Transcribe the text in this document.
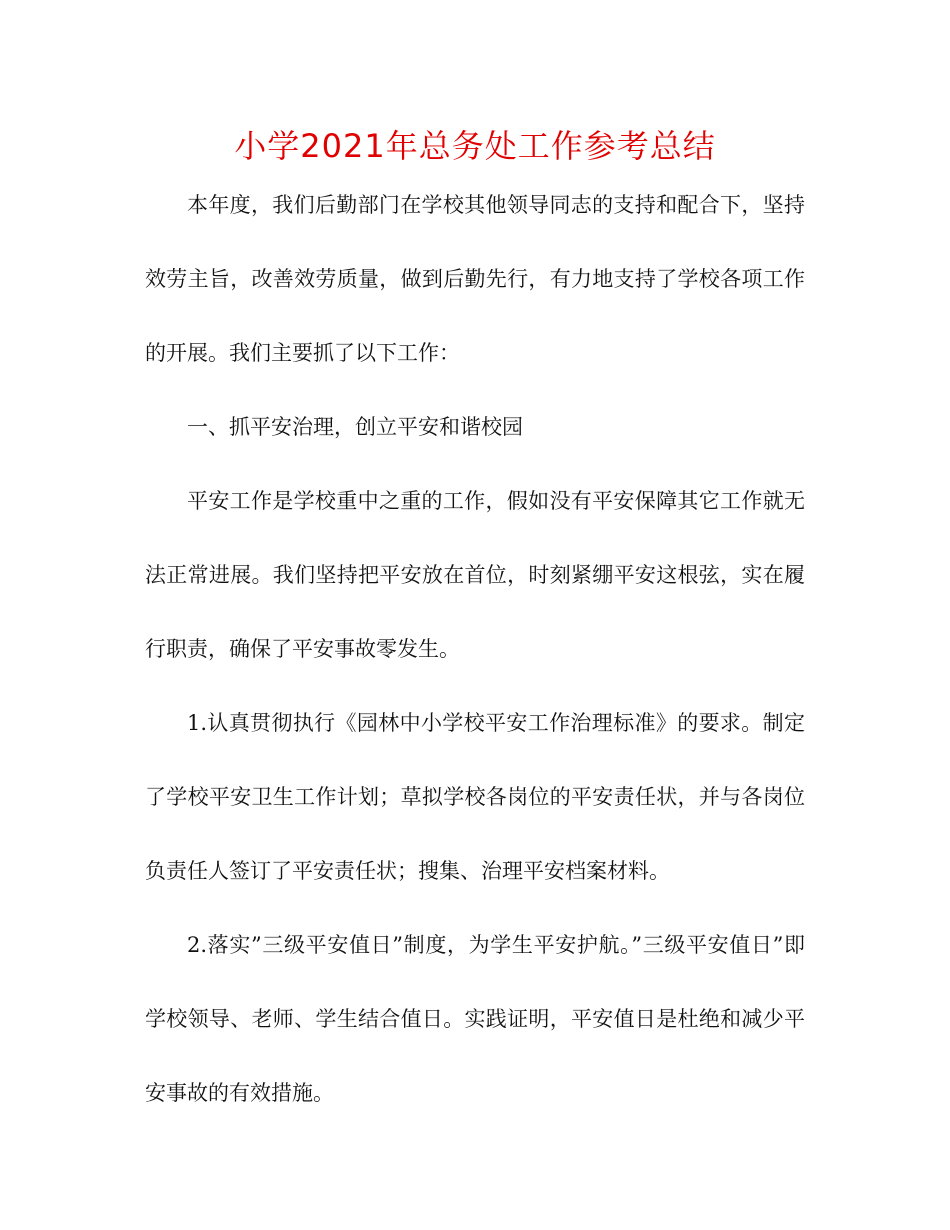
小学2021年总务处工作参考总结

本年度，我们后勤部门在学校其他领导同志的支持和配合下，坚持效劳主旨，改善效劳质量，做到后勤先行，有力地支持了学校各项工作的开展。我们主要抓了以下工作：

一、抓平安治理，创立平安和谐校园

平安工作是学校重中之重的工作，假如没有平安保障其它工作就无法正常进展。我们坚持把平安放在首位，时刻紧绷平安这根弦，实在履行职责，确保了平安事故零发生。

1.认真贯彻执行《园林中小学校平安工作治理标准》的要求。制定了学校平安卫生工作计划；草拟学校各岗位的平安责任状，并与各岗位负责任人签订了平安责任状；搜集、治理平安档案材料。

2.落实”三级平安值日”制度，为学生平安护航。”三级平安值日”即学校领导、老师、学生结合值日。实践证明，平安值日是杜绝和减少平安事故的有效措施。
